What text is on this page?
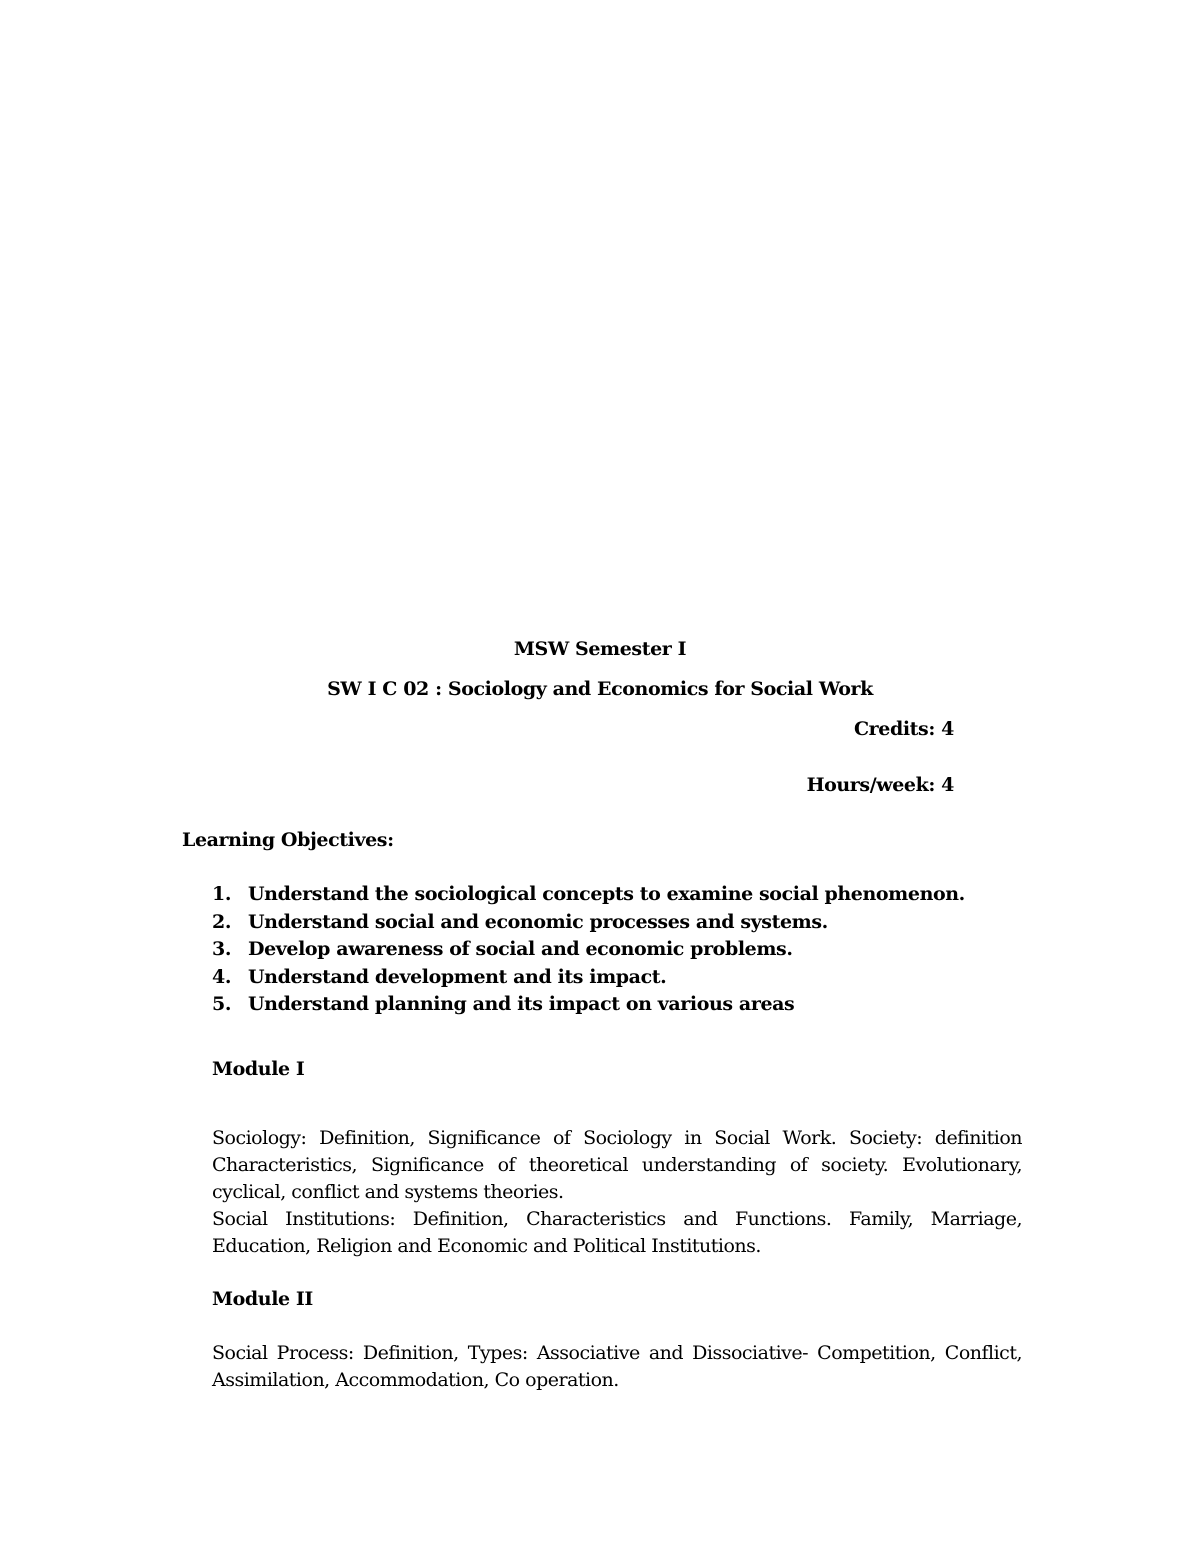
MSW Semester I
SW I C 02 : Sociology and Economics for Social Work
Credits: 4
Hours/week: 4
Learning Objectives:
1. Understand the sociological concepts to examine social phenomenon.
2. Understand social and economic processes and systems.
3. Develop awareness of social and economic problems.
4. Understand development and its impact.
5. Understand planning and its impact on various areas
Module I

Sociology: Definition, Significance of Sociology in Social Work. Society: definition Characteristics, Significance of theoretical understanding of society. Evolutionary, cyclical, conflict and systems theories.

Social Institutions: Definition, Characteristics and Functions. Family, Marriage, Education, Religion and Economic and Political Institutions.

Module II

Social Process: Definition, Types: Associative and Dissociative- Competition, Conflict, Assimilation, Accommodation, Co operation.
